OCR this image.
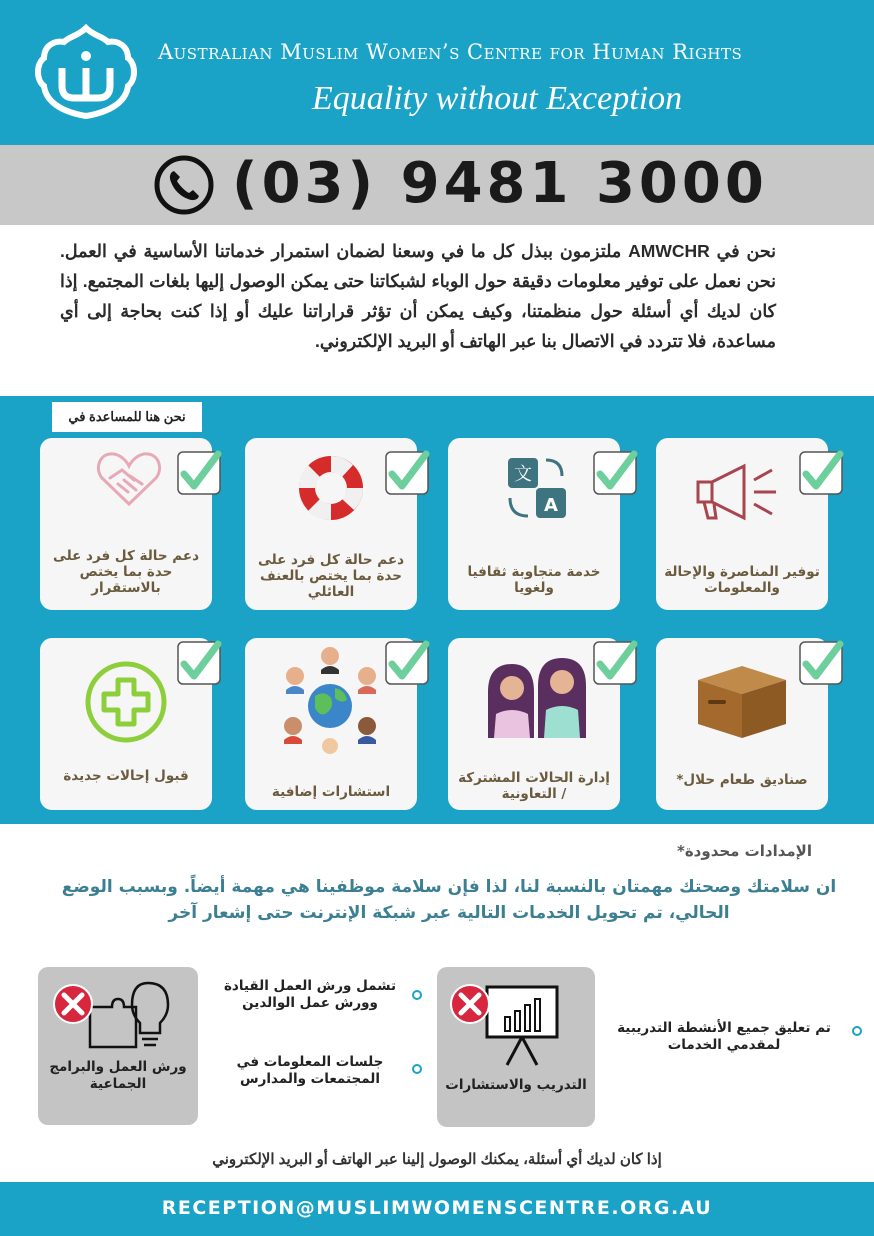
Australian Muslim Women’s Centre for Human Rights
Equality without Exception
(03) 9481 3000
نحن في AMWCHR ملتزمون ببذل كل ما في وسعنا لضمان استمرار خدماتنا الأساسية في العمل. نحن نعمل على توفير معلومات دقيقة حول الوباء لشبكاتنا حتى يمكن الوصول إليها بلغات المجتمع. إذا كان لديك أي أسئلة حول منظمتنا، وكيف يمكن أن تؤثر قراراتنا عليك أو إذا كنت بحاجة إلى أي مساعدة، فلا تتردد في الاتصال بنا عبر الهاتف أو البريد الإلكتروني.
نحن هنا للمساعدة في
توفير المناصرة والإحالة والمعلومات
文
A
خدمة متجاوبة ثقافيا ولغويا
دعم حالة كل فرد على حدة بما يختص بالعنف العائلي
دعم حالة كل فرد على حدة بما يختص بالاستقرار
صناديق طعام حلال*
إدارة الحالات المشتركة / التعاونية
استشارات إضافية
قبول إحالات جديدة
الإمدادات محدودة*
ان سلامتك وصحتك مهمتان بالنسبة لنا، لذا فإن سلامة موظفينا هي مهمة أيضاً. وبسبب الوضع الحالي، تم تحويل الخدمات التالية عبر شبكة الإنترنت حتى إشعار آخر
تم تعليق جميع الأنشطة التدريبية لمقدمي الخدمات
التدريب والاستشارات
تشمل ورش العمل القيادة وورش عمل الوالدين
جلسات المعلومات في المجتمعات والمدارس
ورش العمل والبرامج الجماعية
إذا كان لديك أي أسئلة، يمكنك الوصول إلينا عبر الهاتف أو البريد الإلكتروني
RECEPTION@MUSLIMWOMENSCENTRE.ORG.AU
